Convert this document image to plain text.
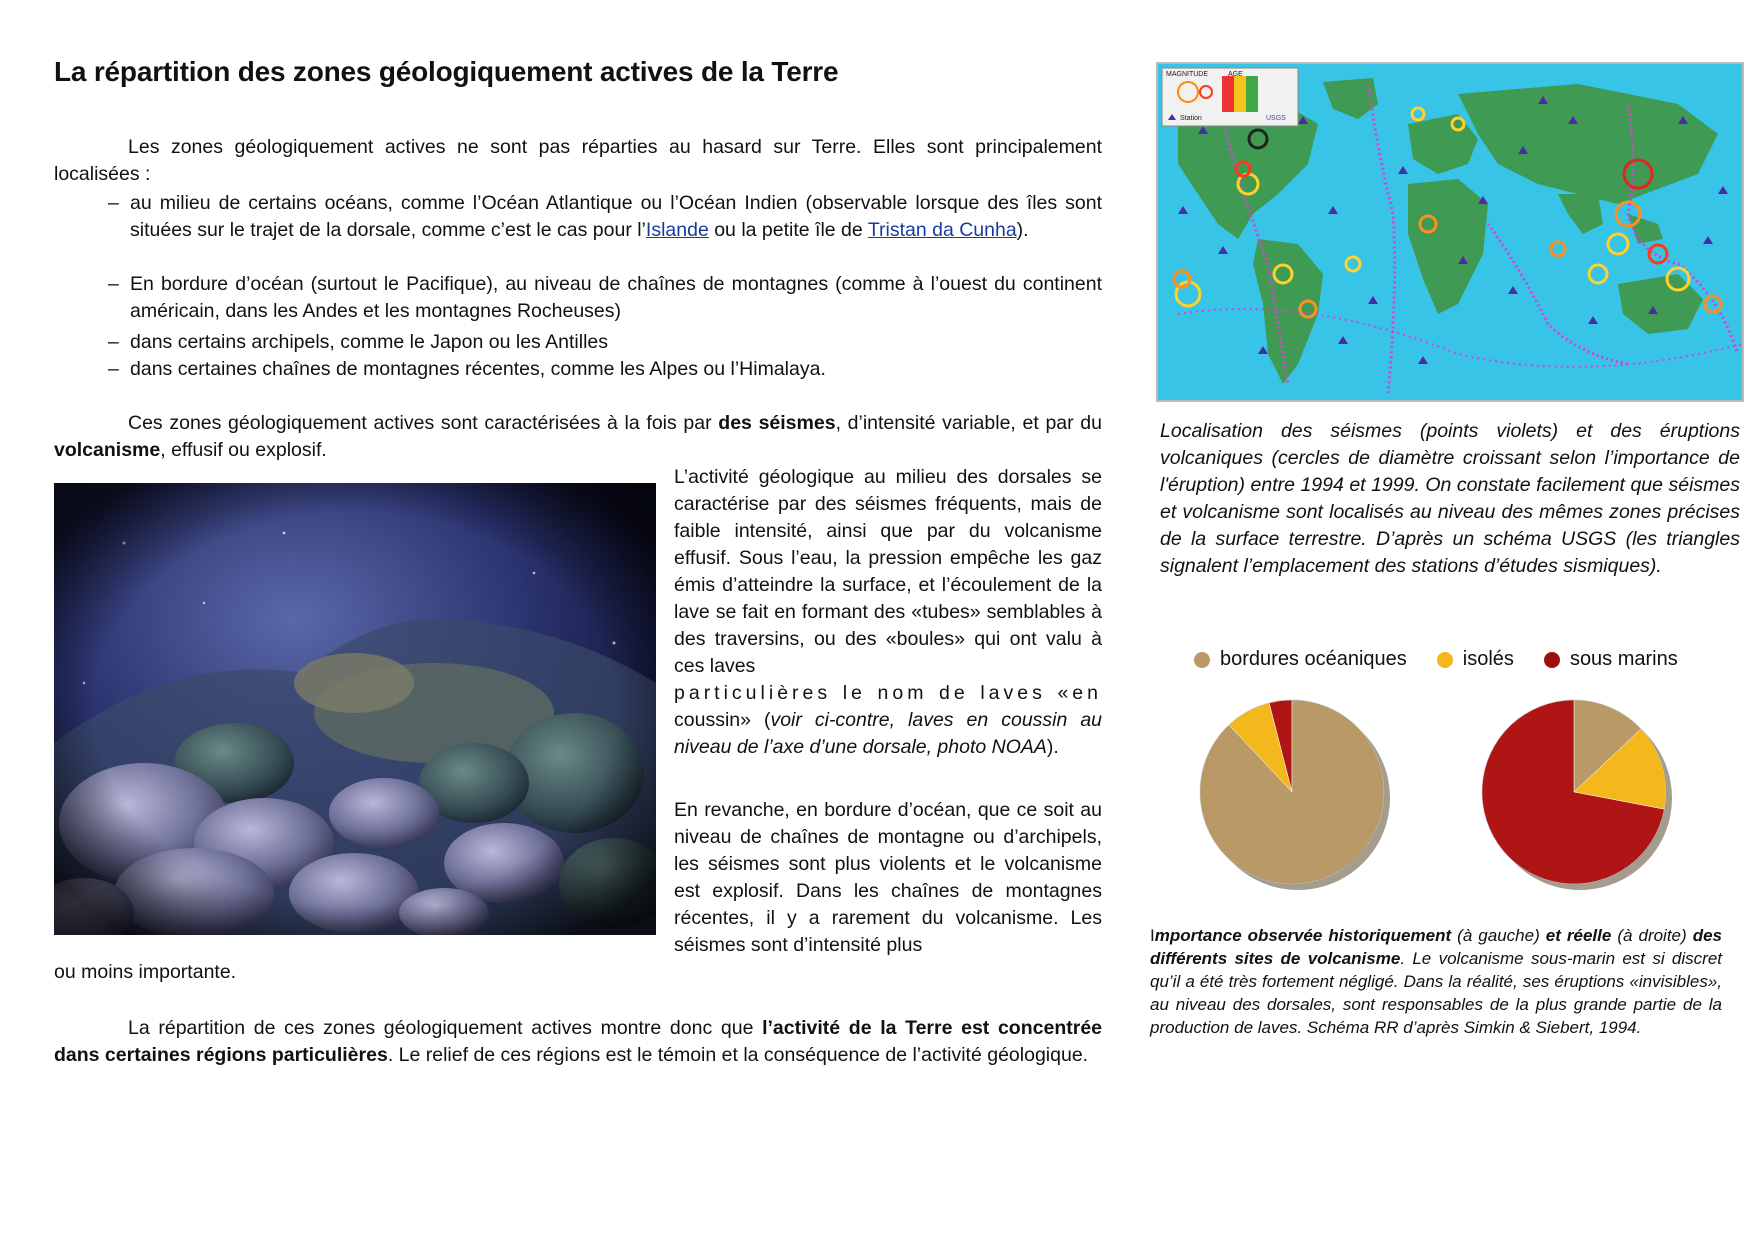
La répartition des zones géologiquement actives de la Terre

Les zones géologiquement actives ne sont pas réparties au hasard sur Terre. Elles sont principalement localisées :

– au milieu de certains océans, comme l’Océan Atlantique ou l’Océan Indien (observable lorsque des îles sont situées sur le trajet de la dorsale, comme c’est le cas pour l’Islande ou la petite île de Tristan da Cunha).
– En bordure d’océan (surtout le Pacifique), au niveau de chaînes de montagnes (comme à l’ouest du continent américain, dans les Andes et les montagnes Rocheuses)
– dans certains archipels, comme le Japon ou les Antilles
– dans certaines chaînes de montagnes récentes, comme les Alpes ou l’Himalaya.

Ces zones géologiquement actives sont caractérisées à la fois par des séismes, d’intensité variable, et par du volcanisme, effusif ou explosif.

L’activité géologique au milieu des dorsales se caractérise par des séismes fréquents, mais de faible intensité, ainsi que par du volcanisme effusif. Sous l’eau, la pression empêche les gaz émis d’atteindre la surface, et l’écoulement de la lave se fait en formant des «tubes» semblables à des traversins, ou des «boules» qui ont valu à ces laves

particulières le nom de laves «en

coussin» (voir ci-contre, laves en coussin au niveau de l’axe d’une dorsale, photo NOAA).

En revanche, en bordure d’océan, que ce soit au niveau de chaînes de montagne ou d’archipels, les séismes sont plus violents et le volcanisme est explosif. Dans les chaînes de montagnes récentes, il y a rarement du volcanisme. Les séismes sont d’intensité plus

ou moins importante.

La répartition de ces zones géologiquement actives montre donc que l’activité de la Terre est concentrée dans certaines régions particulières. Le relief de ces régions est le témoin et la conséquence de l’activité géologique.

MAGNITUDE	AGE
Station	USGS

Localisation des séismes (points violets) et des éruptions volcaniques (cercles de diamètre croissant selon l’importance de l'éruption) entre 1994 et 1999. On constate facilement que séismes et volcanisme sont localisés au niveau des mêmes zones précises de la surface terrestre. D’après un schéma USGS (les triangles signalent l’emplacement des stations d’études sismiques).

bordures océaniques	isolés	sous marins

Importance observée historiquement (à gauche) et réelle (à droite) des différents sites de volcanisme. Le volcanisme sous-marin est si discret qu’il a été très fortement négligé. Dans la réalité, ses éruptions «invisibles», au niveau des dorsales, sont responsables de la plus grande partie de la production de laves. Schéma RR d’après Simkin & Siebert, 1994.
